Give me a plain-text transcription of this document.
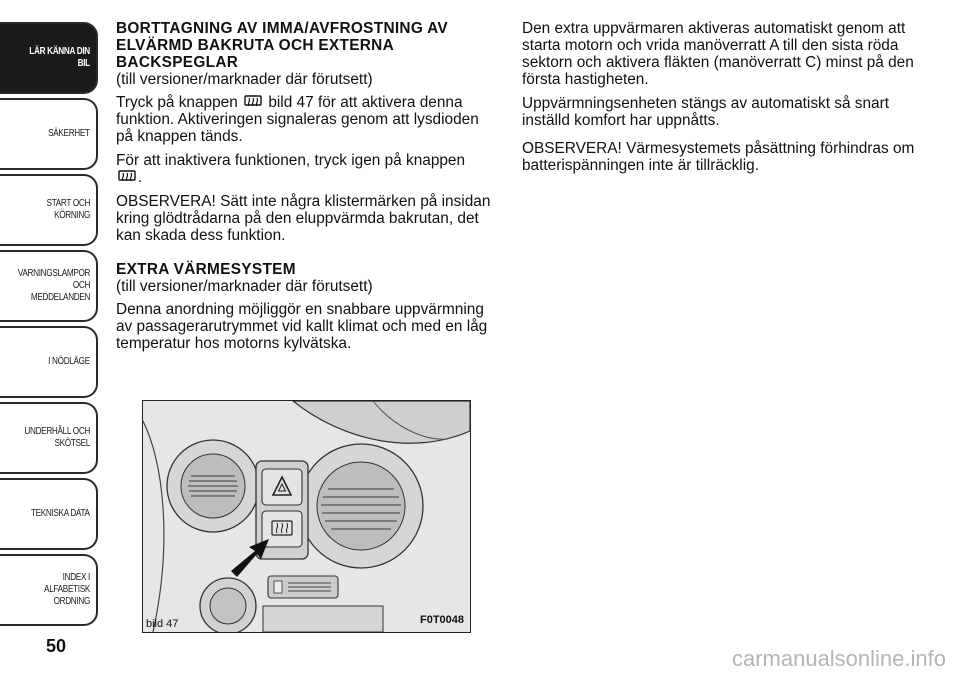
LÄR KÄNNA DIN
BIL
SÄKERHET
START OCH
KÖRNING
VARNINGSLAMPOR
OCH
MEDDELANDEN
I NÖDLÄGE
UNDERHÅLL OCH
SKÖTSEL
TEKNISKA DATA
INDEX I ALFABETISK
ORDNING
50
BORTTAGNING AV IMMA/AVFROSTNING AV ELVÄRMD BAKRUTA OCH EXTERNA BACKSPEGLAR
(till versioner/marknader där förutsett)

Tryck på knappen bild 47 för att aktivera denna funktion. Aktiveringen signaleras genom att lysdioden på knappen tänds.

För att inaktivera funktionen, tryck igen på knappen
.

OBSERVERA! Sätt inte några klistermärken på insidan kring glödtrådarna på den eluppvärmda bakrutan, det kan skada dess funktion.

EXTRA VÄRMESYSTEM
(till versioner/marknader där förutsett)

Denna anordning möjliggör en snabbare uppvärmning av passagerarutrymmet vid kallt klimat och med en låg temperatur hos motorns kylvätska.

Den extra uppvärmaren aktiveras automatiskt genom att starta motorn och vrida manöverratt A till den sista röda sektorn och aktivera fläkten (manöverratt C) minst på den första hastigheten.

Uppvärmningsenheten stängs av automatiskt så snart inställd komfort har uppnåtts.

OBSERVERA! Värmesystemets påsättning förhindras om batterispänningen inte är tillräcklig.

bild 47	F0T0048
carmanualsonline.info
